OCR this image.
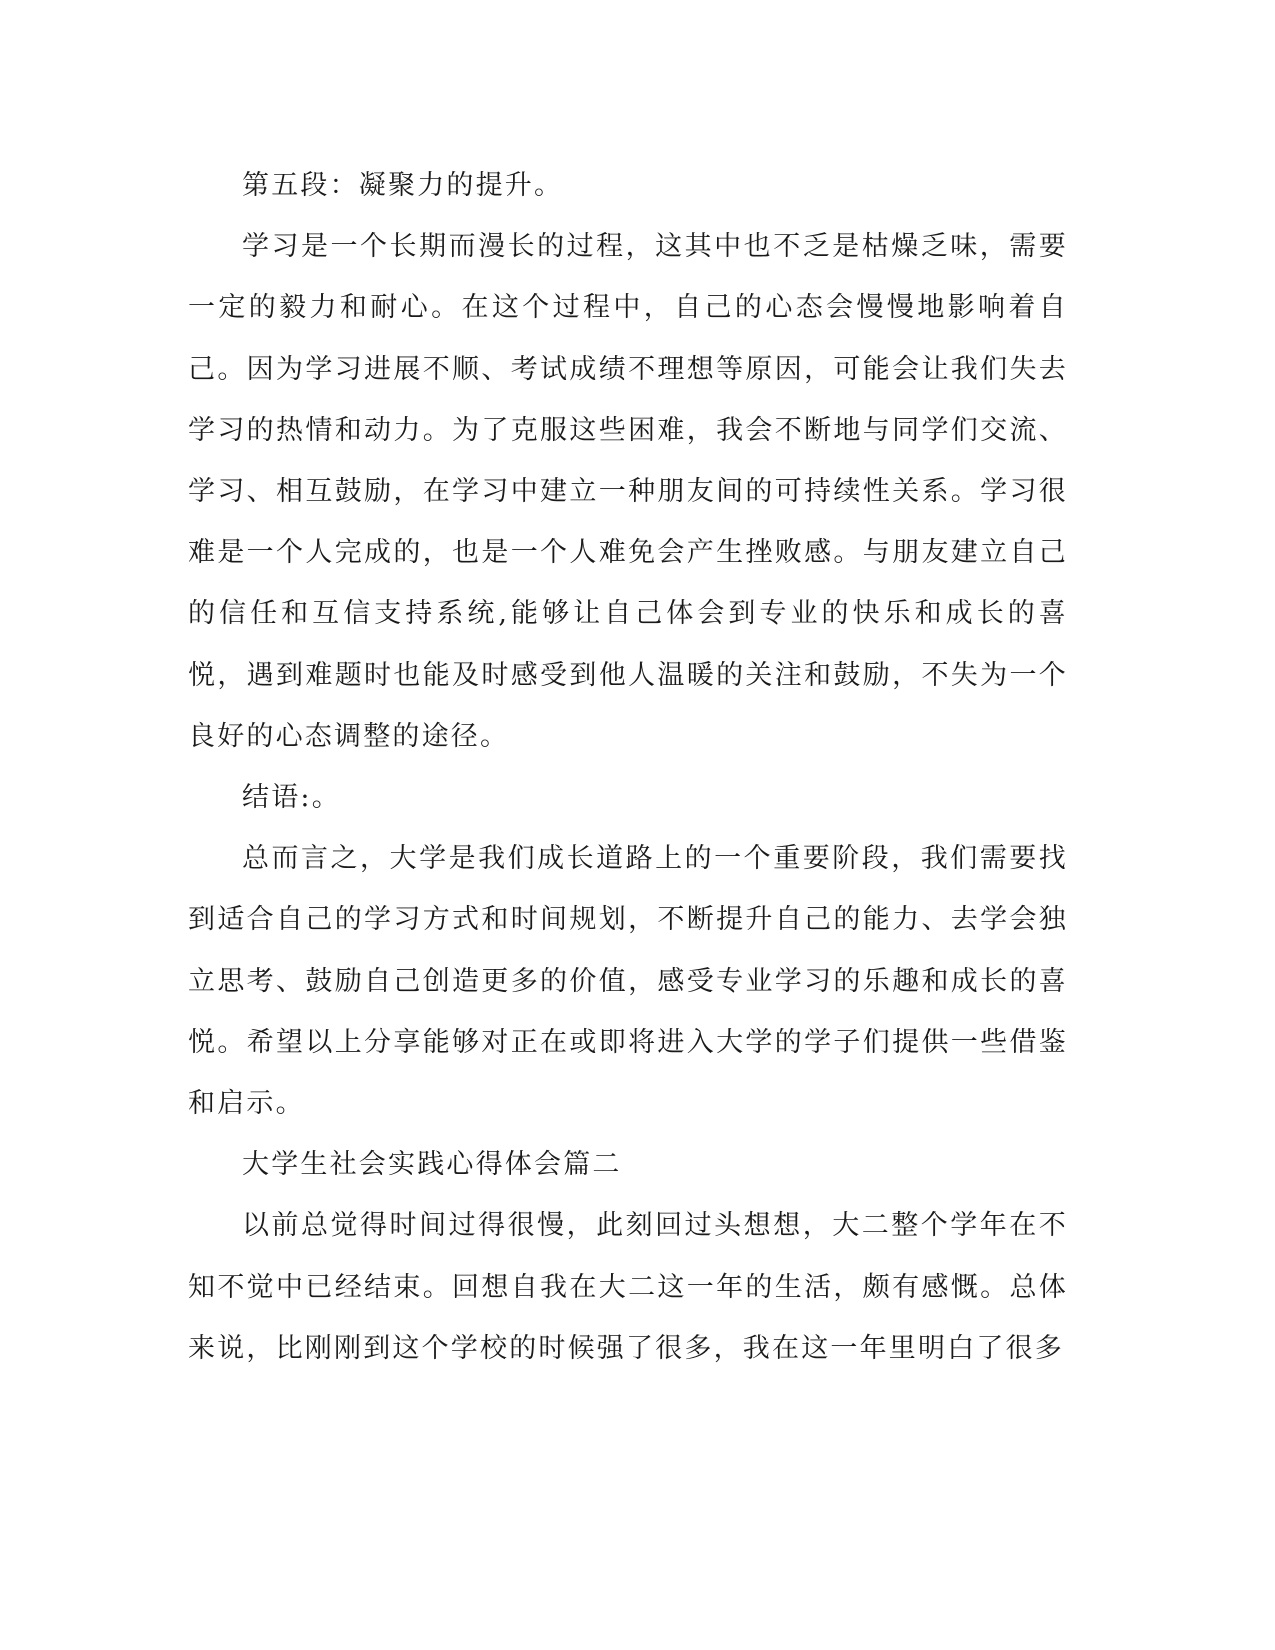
第五段：凝聚力的提升。

学习是一个长期而漫长的过程，这其中也不乏是枯燥乏味，需要一定的毅力和耐心。在这个过程中，自己的心态会慢慢地影响着自己。因为学习进展不顺、考试成绩不理想等原因，可能会让我们失去学习的热情和动力。为了克服这些困难，我会不断地与同学们交流、学习、相互鼓励，在学习中建立一种朋友间的可持续性关系。学习很难是一个人完成的，也是一个人难免会产生挫败感。与朋友建立自己的信任和互信支持系统,能够让自己体会到专业的快乐和成长的喜悦，遇到难题时也能及时感受到他人温暖的关注和鼓励，不失为一个良好的心态调整的途径。

结语:。

总而言之，大学是我们成长道路上的一个重要阶段，我们需要找到适合自己的学习方式和时间规划，不断提升自己的能力、去学会独立思考、鼓励自己创造更多的价值，感受专业学习的乐趣和成长的喜悦。希望以上分享能够对正在或即将进入大学的学子们提供一些借鉴和启示。

大学生社会实践心得体会篇二

以前总觉得时间过得很慢，此刻回过头想想，大二整个学年在不知不觉中已经结束。回想自我在大二这一年的生活，颇有感慨。总体来说，比刚刚到这个学校的时候强了很多，我在这一年里明白了很多
